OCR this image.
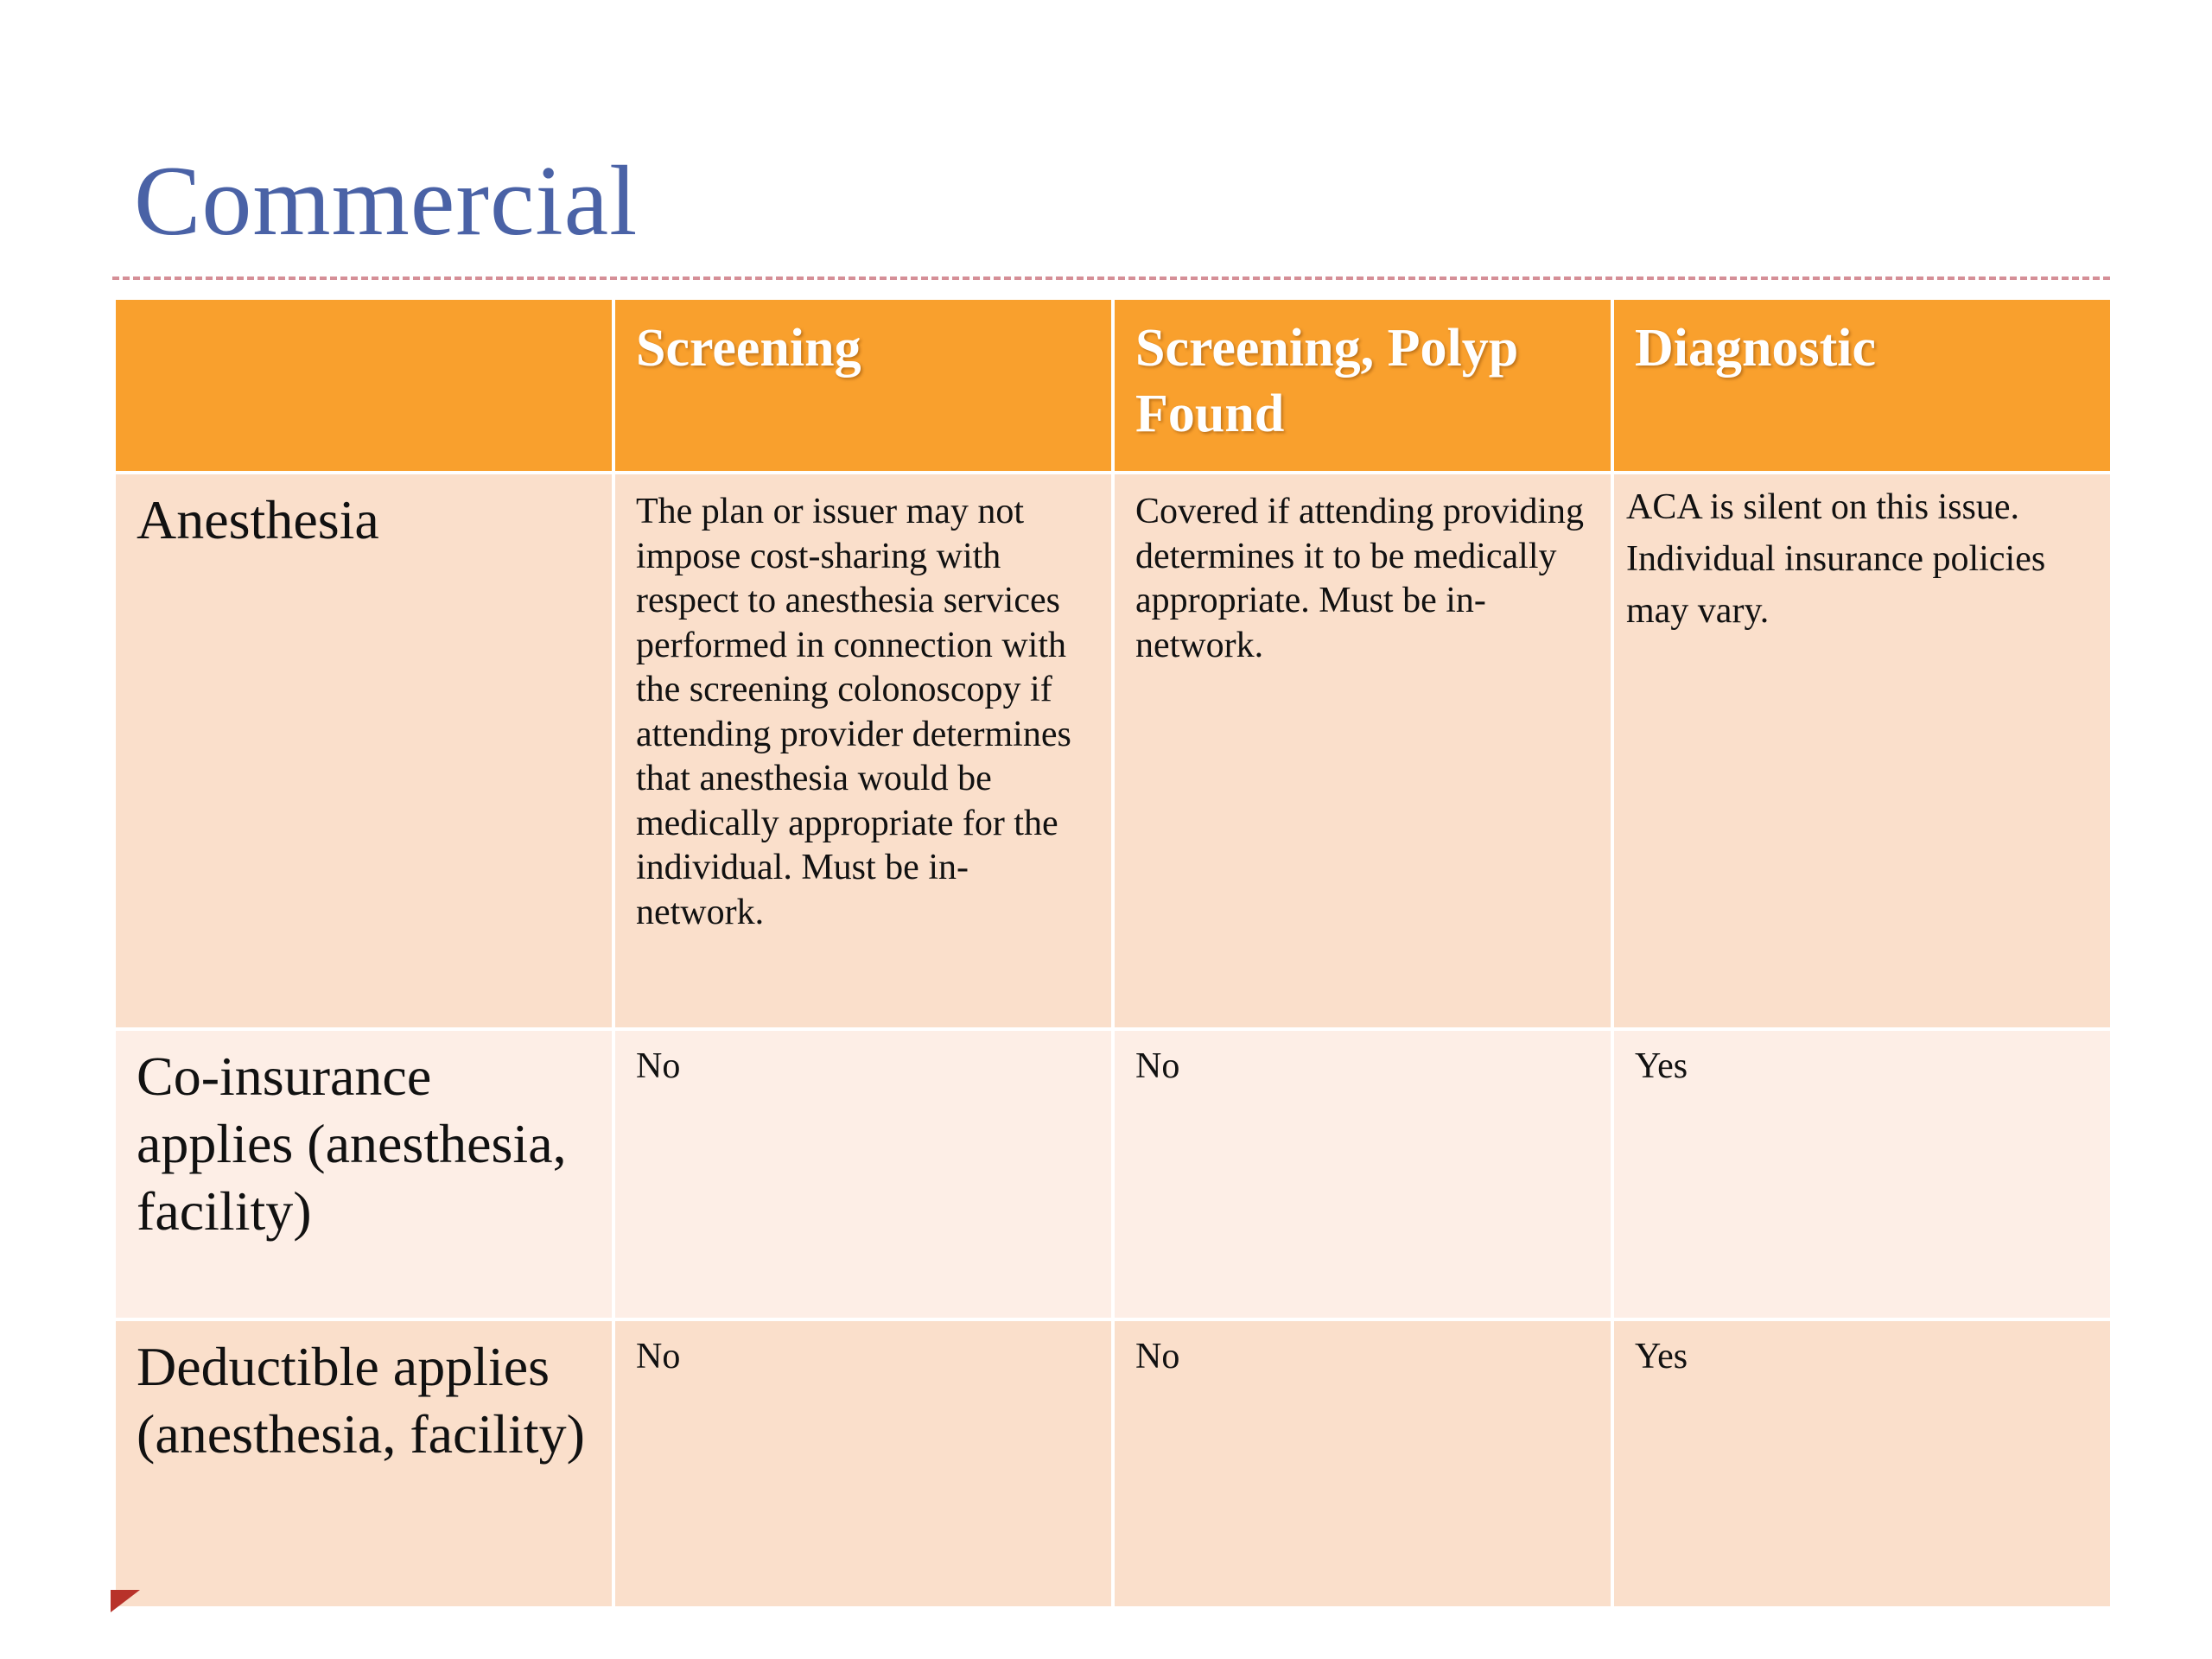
Commercial
	Screening	Screening, Polyp Found	Diagnostic

Anesthesia	The plan or issuer may not impose cost-sharing with respect to anesthesia services performed in connection with the screening colonoscopy if attending provider determines that anesthesia would be medically appropriate for the individual. Must be in-network.	Covered if attending providing determines it to be medically appropriate. Must be in-network.	ACA is silent on this issue. Individual insurance policies may vary.

Co-insurance applies (anesthesia, facility)	No	No	Yes

Deductible applies (anesthesia, facility)	No	No	Yes
